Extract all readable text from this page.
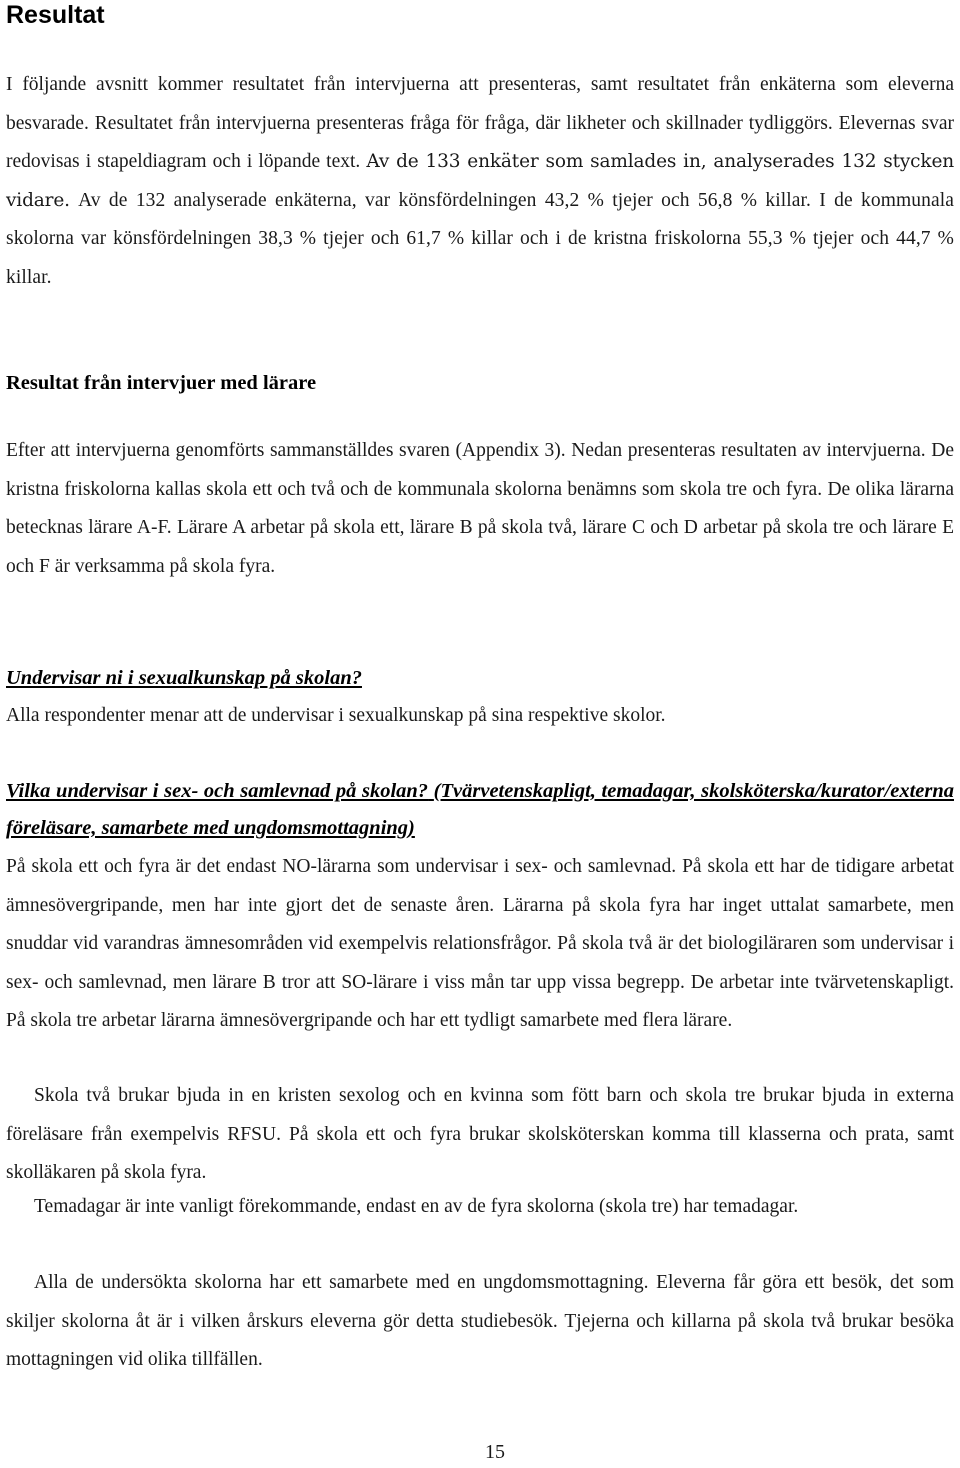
Resultat

I följande avsnitt kommer resultatet från intervjuerna att presenteras, samt resultatet från enkäterna som eleverna besvarade. Resultatet från intervjuerna presenteras fråga för fråga, där likheter och skillnader tydliggörs. Elevernas svar redovisas i stapeldiagram och i löpande text. Av de 133 enkäter som samlades in, analyserades 132 stycken vidare. Av de 132 analyserade enkäterna, var könsfördelningen 43,2 % tjejer och 56,8 % killar. I de kommunala skolorna var könsfördelningen 38,3 % tjejer och 61,7 % killar och i de kristna friskolorna 55,3 % tjejer och 44,7 % killar.

Resultat från intervjuer med lärare

Efter att intervjuerna genomförts sammanställdes svaren (Appendix 3). Nedan presenteras resultaten av intervjuerna. De kristna friskolorna kallas skola ett och två och de kommunala skolorna benämns som skola tre och fyra. De olika lärarna betecknas lärare A-F. Lärare A arbetar på skola ett, lärare B på skola två, lärare C och D arbetar på skola tre och lärare E och F är verksamma på skola fyra.

Undervisar ni i sexualkunskap på skolan?

Alla respondenter menar att de undervisar i sexualkunskap på sina respektive skolor.

Vilka undervisar i sex- och samlevnad på skolan? (Tvärvetenskapligt, temadagar, skolsköterska/kurator/externa föreläsare, samarbete med ungdomsmottagning)

På skola ett och fyra är det endast NO-lärarna som undervisar i sex- och samlevnad. På skola ett har de tidigare arbetat ämnesövergripande, men har inte gjort det de senaste åren. Lärarna på skola fyra har inget uttalat samarbete, men snuddar vid varandras ämnesområden vid exempelvis relationsfrågor. På skola två är det biologiläraren som undervisar i sex- och samlevnad, men lärare B tror att SO-lärare i viss mån tar upp vissa begrepp. De arbetar inte tvärvetenskapligt. På skola tre arbetar lärarna ämnesövergripande och har ett tydligt samarbete med flera lärare.

Skola två brukar bjuda in en kristen sexolog och en kvinna som fött barn och skola tre brukar bjuda in externa föreläsare från exempelvis RFSU. På skola ett och fyra brukar skolsköterskan komma till klasserna och prata, samt skolläkaren på skola fyra.

Temadagar är inte vanligt förekommande, endast en av de fyra skolorna (skola tre) har temadagar.

Alla de undersökta skolorna har ett samarbete med en ungdomsmottagning. Eleverna får göra ett besök, det som skiljer skolorna åt är i vilken årskurs eleverna gör detta studiebesök. Tjejerna och killarna på skola två brukar besöka mottagningen vid olika tillfällen.

15
